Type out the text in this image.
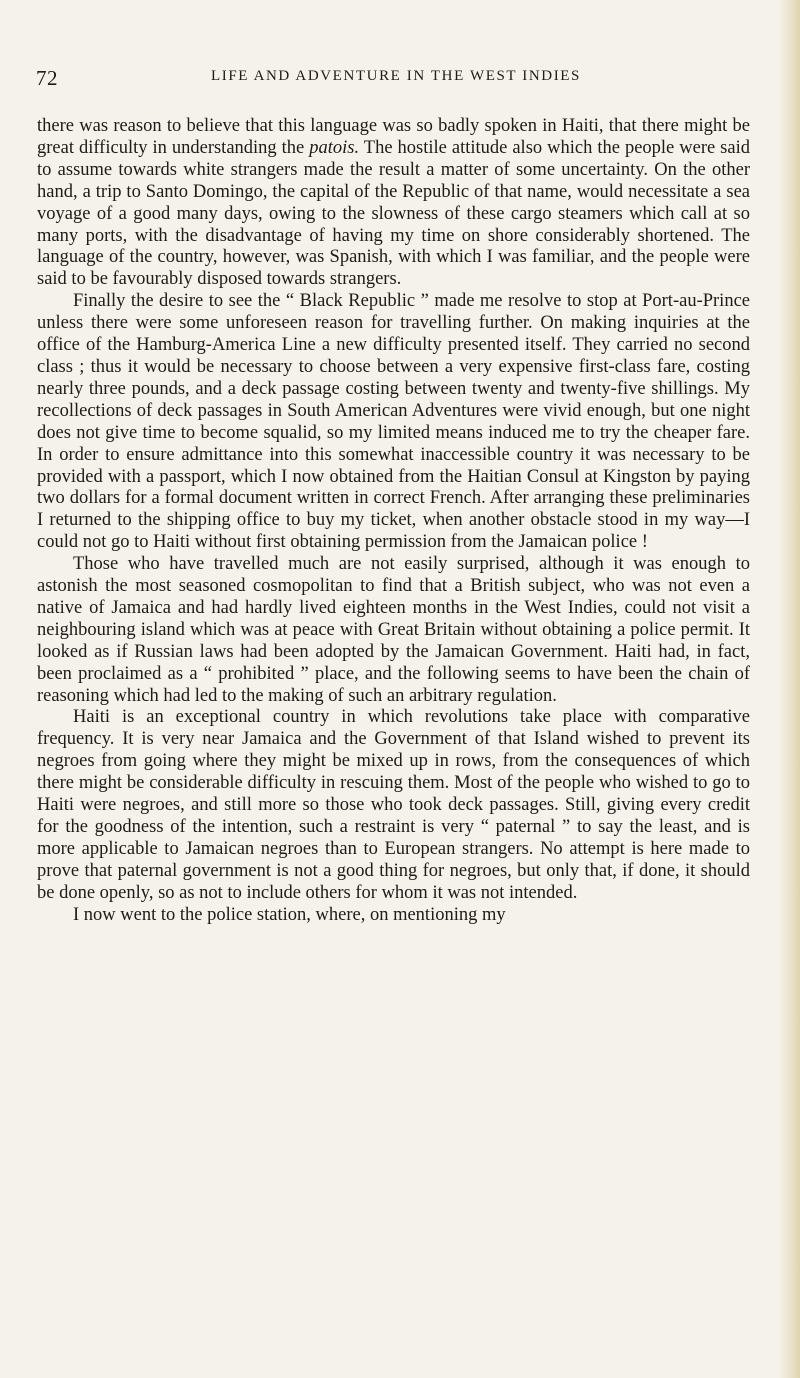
72	LIFE AND ADVENTURE IN THE WEST INDIES

there was reason to believe that this language was so badly spoken in Haiti, that there might be great difficulty in understanding the patois. The hostile attitude also which the people were said to assume towards white strangers made the result a matter of some uncertainty. On the other hand, a trip to Santo Domingo, the capital of the Republic of that name, would necessitate a sea voyage of a good many days, owing to the slowness of these cargo steamers which call at so many ports, with the disadvantage of having my time on shore considerably shortened. The language of the country, however, was Spanish, with which I was familiar, and the people were said to be favourably disposed towards strangers.

Finally the desire to see the “ Black Republic ” made me resolve to stop at Port-au-Prince unless there were some unforeseen reason for travelling further. On making inquiries at the office of the Hamburg-America Line a new difficulty presented itself. They carried no second class ; thus it would be necessary to choose between a very expensive first-class fare, costing nearly three pounds, and a deck passage costing between twenty and twenty-five shillings. My recollections of deck passages in South American Adventures were vivid enough, but one night does not give time to become squalid, so my limited means induced me to try the cheaper fare. In order to ensure admittance into this somewhat inaccessible country it was necessary to be provided with a passport, which I now obtained from the Haitian Consul at Kingston by paying two dollars for a formal document written in correct French. After arranging these preliminaries I returned to the shipping office to buy my ticket, when another obstacle stood in my way—I could not go to Haiti without first obtaining permission from the Jamaican police !

Those who have travelled much are not easily surprised, although it was enough to astonish the most seasoned cosmopolitan to find that a British subject, who was not even a native of Jamaica and had hardly lived eighteen months in the West Indies, could not visit a neighbouring island which was at peace with Great Britain without obtaining a police permit. It looked as if Russian laws had been adopted by the Jamaican Government. Haiti had, in fact, been proclaimed as a “ prohibited ” place, and the following seems to have been the chain of reasoning which had led to the making of such an arbitrary regulation.

Haiti is an exceptional country in which revolutions take place with comparative frequency. It is very near Jamaica and the Government of that Island wished to prevent its negroes from going where they might be mixed up in rows, from the consequences of which there might be considerable difficulty in rescuing them. Most of the people who wished to go to Haiti were negroes, and still more so those who took deck passages. Still, giving every credit for the goodness of the intention, such a restraint is very “ paternal ” to say the least, and is more applicable to Jamaican negroes than to European strangers. No attempt is here made to prove that paternal government is not a good thing for negroes, but only that, if done, it should be done openly, so as not to include others for whom it was not intended.

I now went to the police station, where, on mentioning my
